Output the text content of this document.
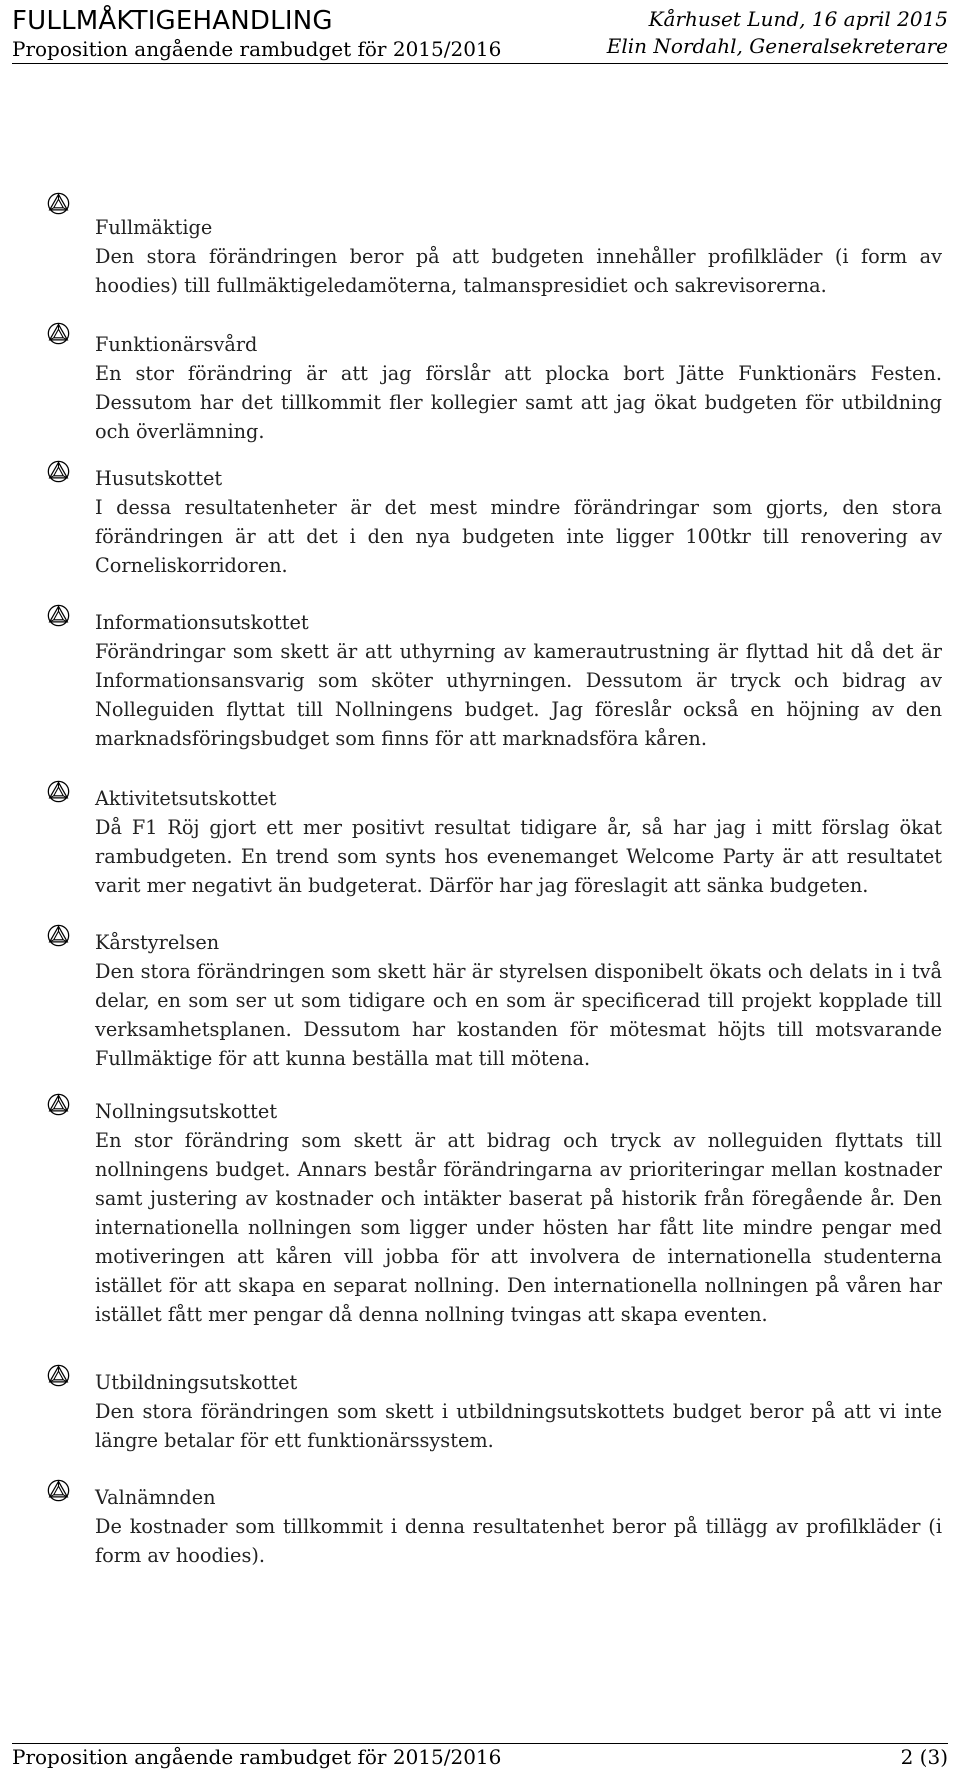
FULLMÅKTIGEHANDLING
Proposition angående rambudget för 2015/2016
Kårhuset Lund, 16 april 2015
Elin Nordahl, Generalsekreterare
Fullmäktige
Den stora förändringen beror på att budgeten innehåller profilkläder (i form av hoodies) till fullmäktigeledamöterna, talmanspresidiet och sakrevisorerna.
Funktionärsvård
En stor förändring är att jag förslår att plocka bort Jätte Funktionärs Festen. Dessutom har det tillkommit fler kollegier samt att jag ökat budgeten för utbildning och överlämning.
Husutskottet
I dessa resultatenheter är det mest mindre förändringar som gjorts, den stora förändringen är att det i den nya budgeten inte ligger 100tkr till renovering av Corneliskorridoren.
Informationsutskottet
Förändringar som skett är att uthyrning av kamerautrustning är flyttad hit då det är Informationsansvarig som sköter uthyrningen. Dessutom är tryck och bidrag av Nolleguiden flyttat till Nollningens budget. Jag föreslår också en höjning av den marknadsföringsbudget som finns för att marknadsföra kåren.
Aktivitetsutskottet
Då F1 Röj gjort ett mer positivt resultat tidigare år, så har jag i mitt förslag ökat rambudgeten. En trend som synts hos evenemanget Welcome Party är att resultatet varit mer negativt än budgeterat. Därför har jag föreslagit att sänka budgeten.
Kårstyrelsen
Den stora förändringen som skett här är styrelsen disponibelt ökats och delats in i två delar, en som ser ut som tidigare och en som är specificerad till projekt kopplade till verksamhetsplanen. Dessutom har kostanden för mötesmat höjts till motsvarande Fullmäktige för att kunna beställa mat till mötena.
Nollningsutskottet
En stor förändring som skett är att bidrag och tryck av nolleguiden flyttats till nollningens budget. Annars består förändringarna av prioriteringar mellan kostnader samt justering av kostnader och intäkter baserat på historik från föregående år. Den internationella nollningen som ligger under hösten har fått lite mindre pengar med motiveringen att kåren vill jobba för att involvera de internationella studenterna istället för att skapa en separat nollning. Den internationella nollningen på våren har istället fått mer pengar då denna nollning tvingas att skapa eventen.
Utbildningsutskottet
Den stora förändringen som skett i utbildningsutskottets budget beror på att vi inte längre betalar för ett funktionärssystem.
Valnämnden
De kostnader som tillkommit i denna resultatenhet beror på tillägg av profilkläder (i form av hoodies).
Proposition angående rambudget för 2015/2016	2 (3)
